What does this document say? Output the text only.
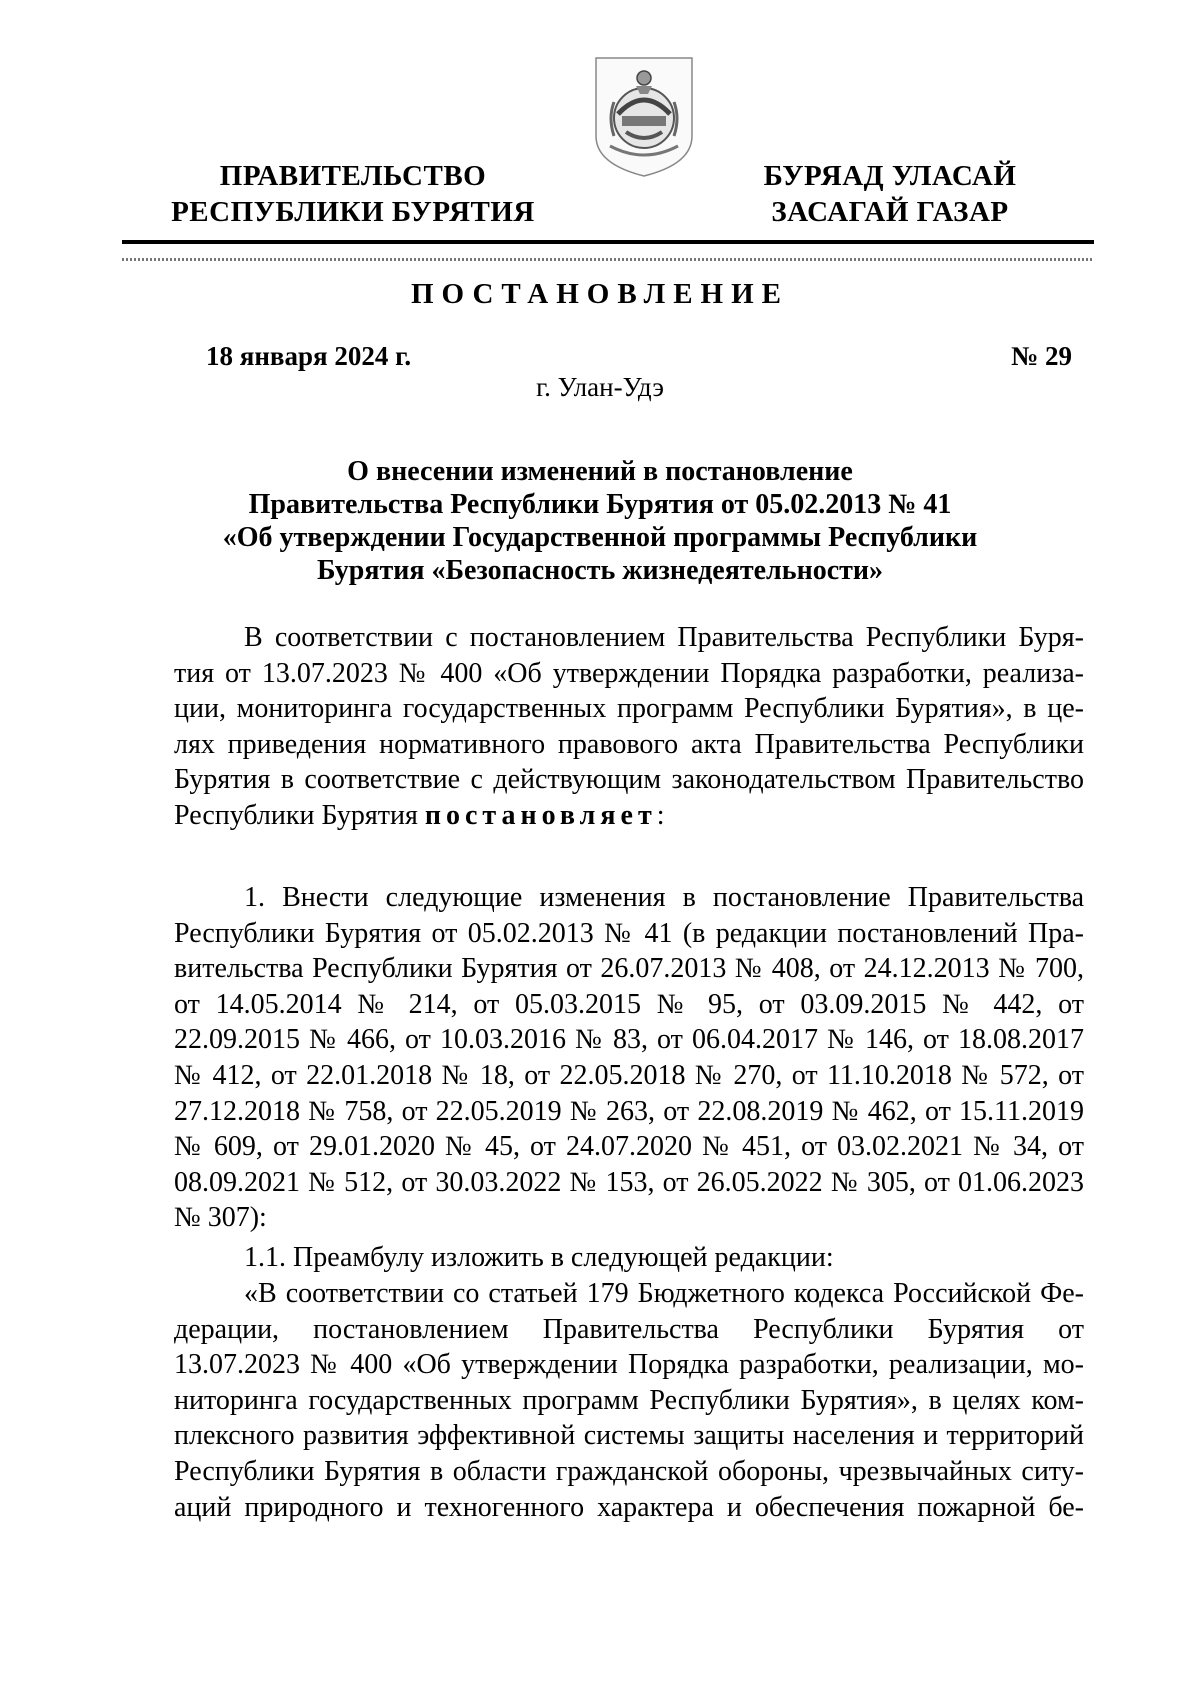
ПРАВИТЕЛЬСТВО
РЕСПУБЛИКИ БУРЯТИЯ
БУРЯАД УЛАСАЙ
ЗАСАГАЙ ГАЗАР
ПОСТАНОВЛЕНИЕ
18 января 2024 г.	№ 29
г. Улан-Удэ
О внесении изменений в постановление
Правительства Республики Бурятия от 05.02.2013 № 41
«Об утверждении Государственной программы Республики
Бурятия «Безопасность жизнедеятельности»
В соответствии с постановлением Правительства Республики Буря-
тия от 13.07.2023 № 400 «Об утверждении Порядка разработки, реализа-
ции, мониторинга государственных программ Республики Бурятия», в це-
лях приведения нормативного правового акта Правительства Республики
Бурятия в соответствие с действующим законодательством Правительство
Республики Бурятия постановляет:
1. Внести следующие изменения в постановление Правительства
Республики Бурятия от 05.02.2013 № 41 (в редакции постановлений Пра-
вительства Республики Бурятия от 26.07.2013 № 408, от 24.12.2013 № 700,
от 14.05.2014 № 214, от 05.03.2015 № 95, от 03.09.2015 № 442, от
22.09.2015 № 466, от 10.03.2016 № 83, от 06.04.2017 № 146, от 18.08.2017
№ 412, от 22.01.2018 № 18, от 22.05.2018 № 270, от 11.10.2018 № 572, от
27.12.2018 № 758, от 22.05.2019 № 263, от 22.08.2019 № 462, от 15.11.2019
№ 609, от 29.01.2020 № 45, от 24.07.2020 № 451, от 03.02.2021 № 34, от
08.09.2021 № 512, от 30.03.2022 № 153, от 26.05.2022 № 305, от 01.06.2023
№ 307):
1.1. Преамбулу изложить в следующей редакции:
«В соответствии со статьей 179 Бюджетного кодекса Российской Фе-
дерации, постановлением Правительства Республики Бурятия от
13.07.2023 № 400 «Об утверждении Порядка разработки, реализации, мо-
ниторинга государственных программ Республики Бурятия», в целях ком-
плексного развития эффективной системы защиты населения и территорий
Республики Бурятия в области гражданской обороны, чрезвычайных ситу-
аций природного и техногенного характера и обеспечения пожарной бе-
